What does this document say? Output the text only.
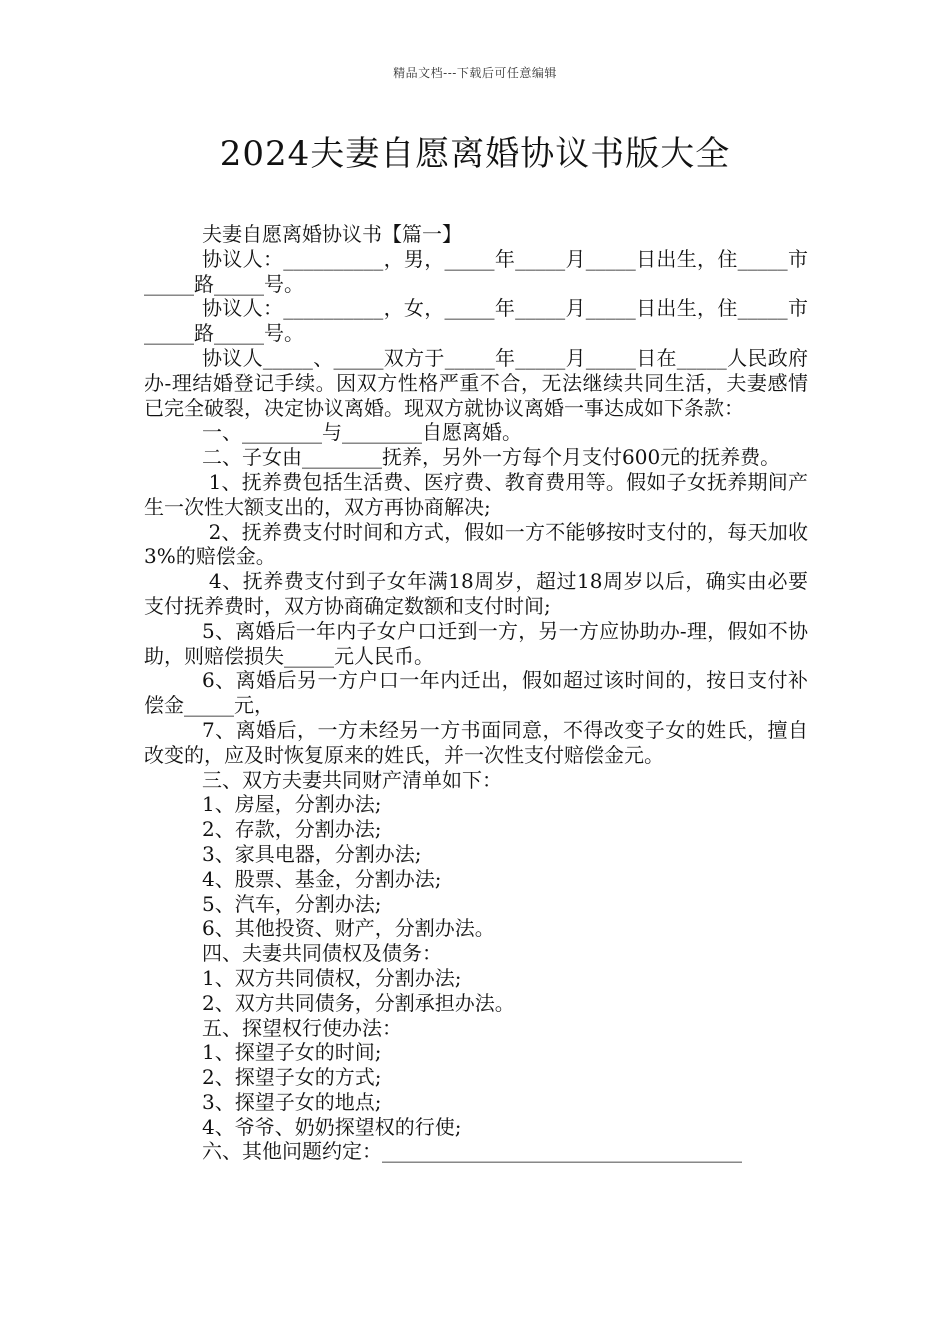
精品文档---下载后可任意编辑
2024夫妻自愿离婚协议书版大全

夫妻自愿离婚协议书【篇一】

协议人：__________，男，_____年_____月_____日出生，住_____市_____路_____号。

协议人：__________，女，_____年_____月_____日出生，住_____市_____路_____号。

协议人_____、_____双方于_____年_____月_____日在_____人民政府办-理结婚登记手续。因双方性格严重不合，无法继续共同生活，夫妻感情已完全破裂，决定协议离婚。现双方就协议离婚一事达成如下条款：

一、________与________自愿离婚。

二、子女由________抚养，另外一方每个月支付600元的抚养费。

1、抚养费包括生活费、医疗费、教育费用等。假如子女抚养期间产生一次性大额支出的，双方再协商解决;

2、抚养费支付时间和方式，假如一方不能够按时支付的，每天加收3%的赔偿金。

4、抚养费支付到子女年满18周岁，超过18周岁以后，确实由必要支付抚养费时，双方协商确定数额和支付时间;

5、离婚后一年内子女户口迁到一方，另一方应协助办-理，假如不协助，则赔偿损失_____元人民币。

6、离婚后另一方户口一年内迁出，假如超过该时间的，按日支付补偿金_____元，

7、离婚后，一方未经另一方书面同意，不得改变子女的姓氏，擅自改变的，应及时恢复原来的姓氏，并一次性支付赔偿金元。

三、双方夫妻共同财产清单如下：

1、房屋，分割办法;

2、存款，分割办法;

3、家具电器，分割办法;

4、股票、基金，分割办法;

5、汽车，分割办法;

6、其他投资、财产，分割办法。

四、夫妻共同债权及债务：

1、双方共同债权，分割办法;

2、双方共同债务，分割承担办法。

五、探望权行使办法：

1、探望子女的时间;

2、探望子女的方式;

3、探望子女的地点;

4、爷爷、奶奶探望权的行使;

六、其他问题约定：____________________________________
